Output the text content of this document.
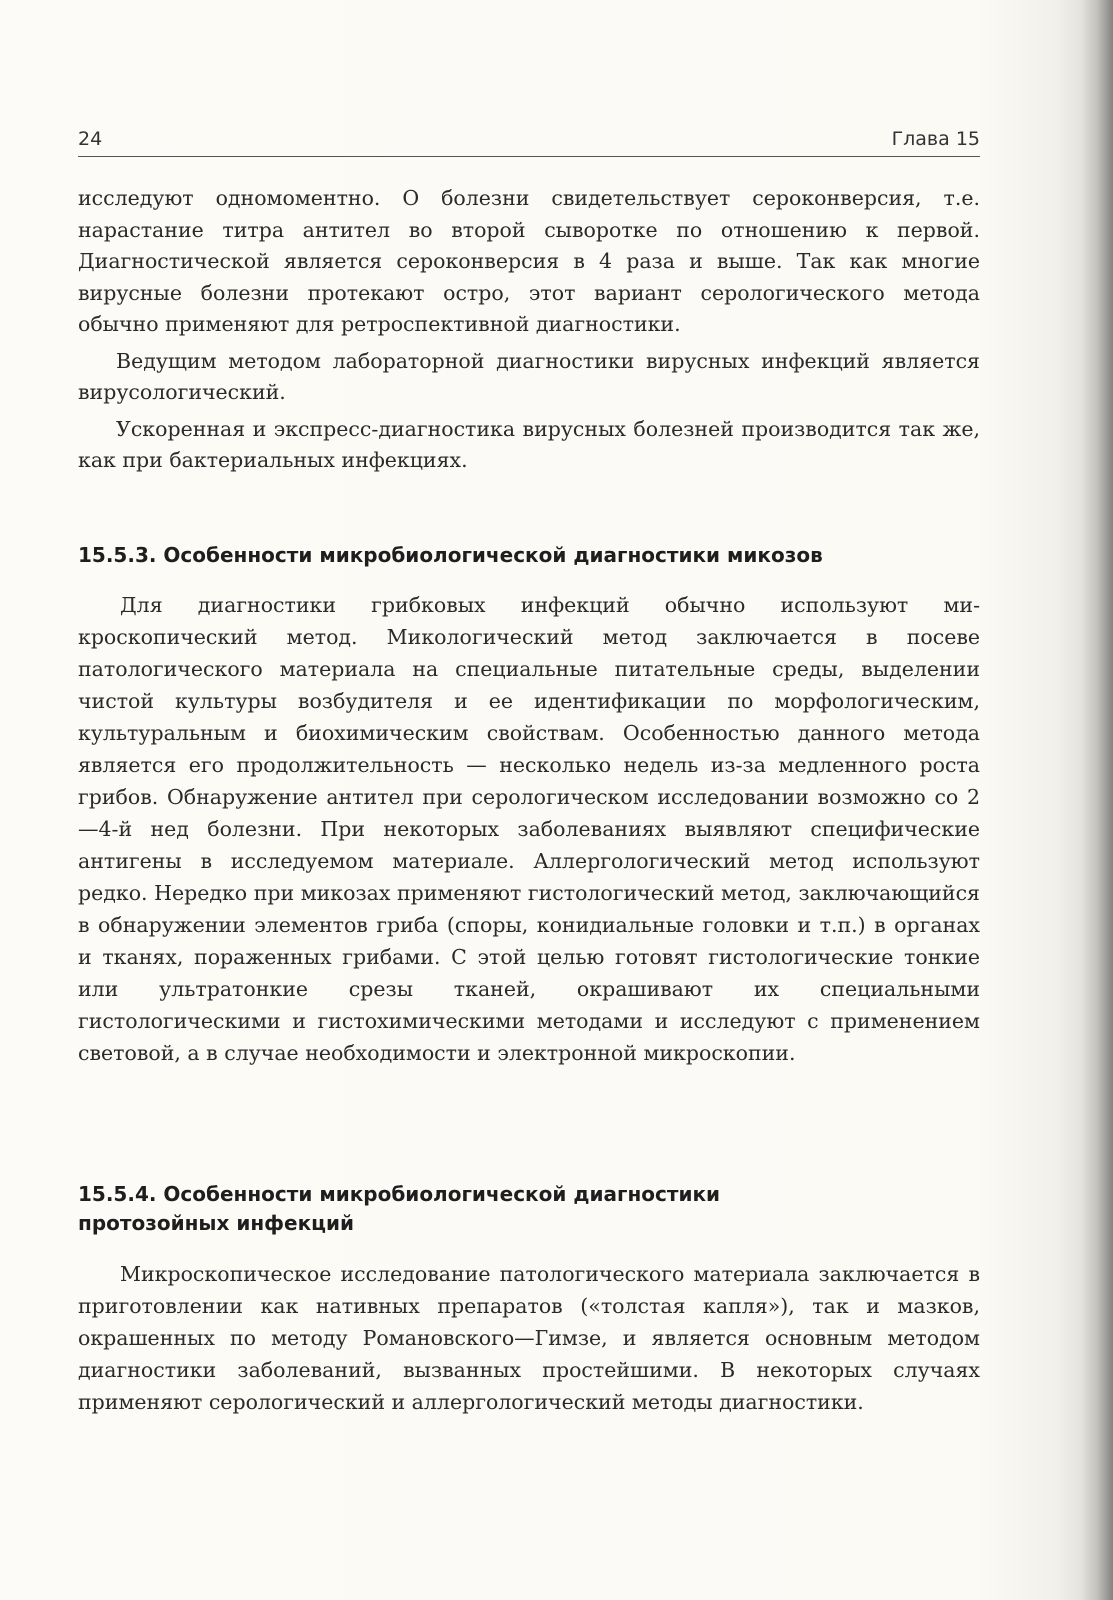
24	Глава 15

исследуют одномоментно. О болезни свидетельствует сероконверсия, т.е. нарастание титра антител во второй сыворотке по отношению к первой. Диагностической является сероконверсия в 4 раза и выше. Так как многие вирусные болезни протекают остро, этот вариант серологического метода обычно применяют для ретроспективной диагностики.

Ведущим методом лабораторной диагностики вирусных инфекций является вирусологический.

Ускоренная и экспресс-диагностика вирусных болезней производится так же, как при бактериальных инфекциях.

15.5.3. Особенности микробиологической диагностики микозов

Для диагностики грибковых инфекций обычно используют микроскопический метод. Микологический метод заключается в посеве патологического материала на специальные питательные среды, выделении чистой культуры возбудителя и ее идентификации по морфологическим, культуральным и биохимическим свойствам. Особенностью данного метода является его продолжительность — несколько недель из-за медленного роста грибов. Обнаружение антител при серологическом исследовании возможно со 2—4-й нед болезни. При некоторых заболеваниях выявляют специфические антигены в исследуемом материале. Аллергологический метод используют редко. Нередко при микозах применяют гистологический метод, заключающийся в обнаружении элементов гриба (споры, конидиальные головки и т.п.) в органах и тканях, пораженных грибами. С этой целью готовят гистологические тонкие или ультратонкие срезы тканей, окрашивают их специальными гистологическими и гистохимическими методами и исследуют с применением световой, а в случае необходимости и электронной микроскопии.

15.5.4. Особенности микробиологической диагностики
протозойных инфекций

Микроскопическое исследование патологического материала заключается в приготовлении как нативных препаратов («толстая капля»), так и мазков, окрашенных по методу Романовского—Гимзе, и является основным методом диагностики заболеваний, вызванных простейшими. В некоторых случаях применяют серологический и аллергологический методы диагностики.
